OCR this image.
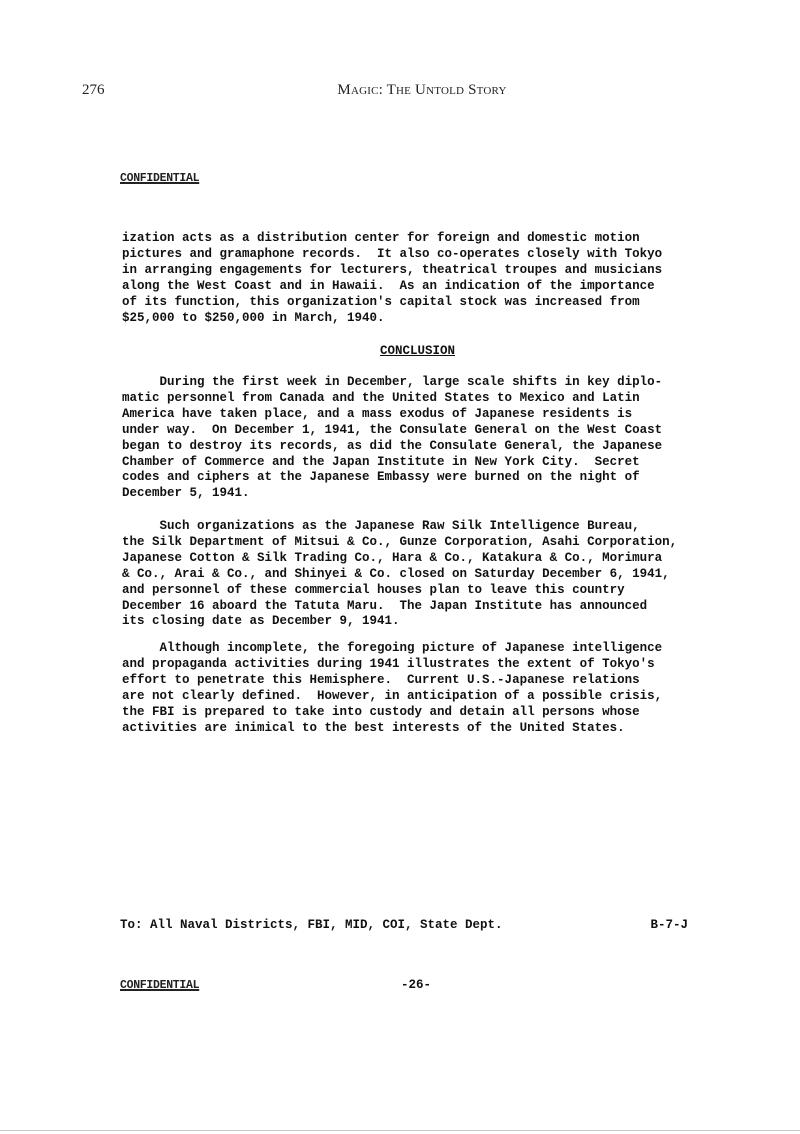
276	Magic: The Untold Story
CONFIDENTIAL
ization acts as a distribution center for foreign and domestic motion
pictures and gramaphone records.  It also co-operates closely with Tokyo
in arranging engagements for lecturers, theatrical troupes and musicians
along the West Coast and in Hawaii.  As an indication of the importance
of its function, this organization's capital stock was increased from
$25,000 to $250,000 in March, 1940.
CONCLUSION
During the first week in December, large scale shifts in key diplo-
matic personnel from Canada and the United States to Mexico and Latin
America have taken place, and a mass exodus of Japanese residents is
under way.  On December 1, 1941, the Consulate General on the West Coast
began to destroy its records, as did the Consulate General, the Japanese
Chamber of Commerce and the Japan Institute in New York City.  Secret
codes and ciphers at the Japanese Embassy were burned on the night of
December 5, 1941.
Such organizations as the Japanese Raw Silk Intelligence Bureau,
the Silk Department of Mitsui & Co., Gunze Corporation, Asahi Corporation,
Japanese Cotton & Silk Trading Co., Hara & Co., Katakura & Co., Morimura
& Co., Arai & Co., and Shinyei & Co. closed on Saturday December 6, 1941,
and personnel of these commercial houses plan to leave this country
December 16 aboard the Tatuta Maru.  The Japan Institute has announced
its closing date as December 9, 1941.
Although incomplete, the foregoing picture of Japanese intelligence
and propaganda activities during 1941 illustrates the extent of Tokyo's
effort to penetrate this Hemisphere.  Current U.S.-Japanese relations
are not clearly defined.  However, in anticipation of a possible crisis,
the FBI is prepared to take into custody and detain all persons whose
activities are inimical to the best interests of the United States.
To: All Naval Districts, FBI, MID, COI, State Dept.	B-7-J
CONFIDENTIAL	-26-
